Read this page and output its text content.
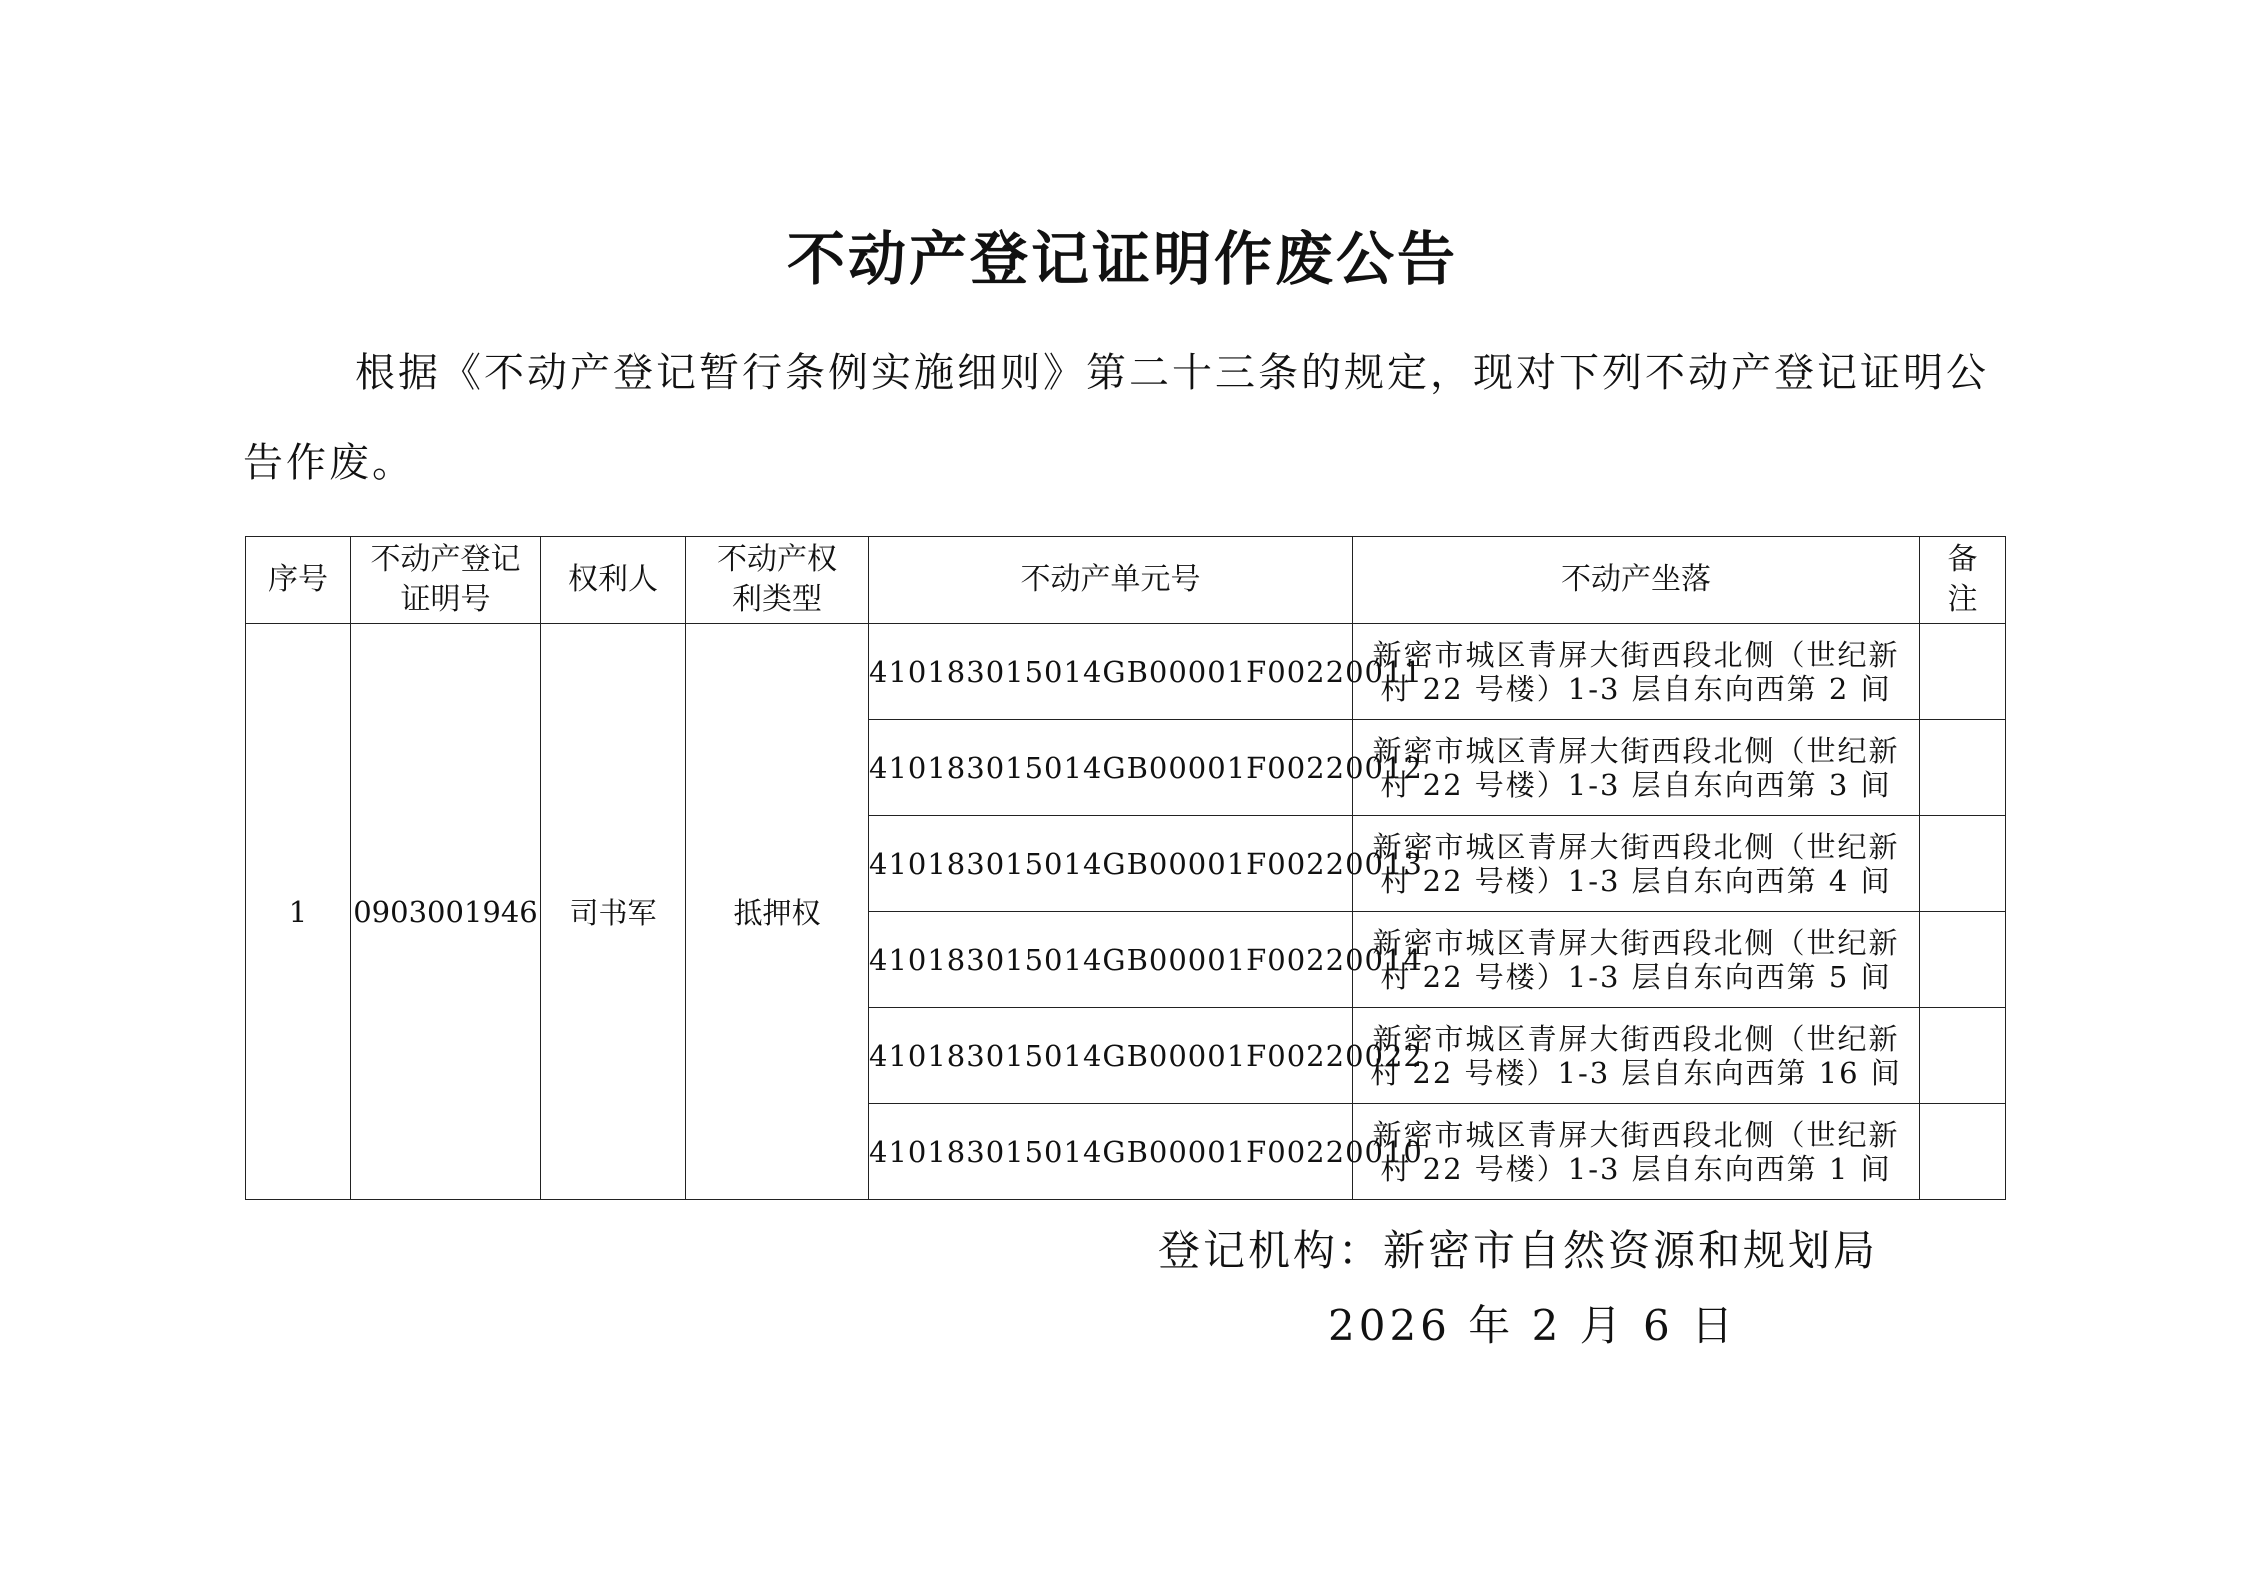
不动产登记证明作废公告

根据《不动产登记暂行条例实施细则》第二十三条的规定，现对下列不动产登记证明公告作废。

序号	不动产登记
证明号	权利人	不动产权
利类型	不动产单元号	不动产坐落	备
注
1	0903001946	司书军	抵押权	410183015014GB00001F00220011	新密市城区青屏大街西段北侧（世纪新
村 22 号楼）1-3 层自东向西第 2 间	
				410183015014GB00001F00220012	新密市城区青屏大街西段北侧（世纪新
村 22 号楼）1-3 层自东向西第 3 间	
				410183015014GB00001F00220013	新密市城区青屏大街西段北侧（世纪新
村 22 号楼）1-3 层自东向西第 4 间	
				410183015014GB00001F00220014	新密市城区青屏大街西段北侧（世纪新
村 22 号楼）1-3 层自东向西第 5 间	
				410183015014GB00001F00220022	新密市城区青屏大街西段北侧（世纪新
村 22 号楼）1-3 层自东向西第 16 间	
				410183015014GB00001F00220010	新密市城区青屏大街西段北侧（世纪新
村 22 号楼）1-3 层自东向西第 1 间	

登记机构：新密市自然资源和规划局

2026 年 2 月 6 日
